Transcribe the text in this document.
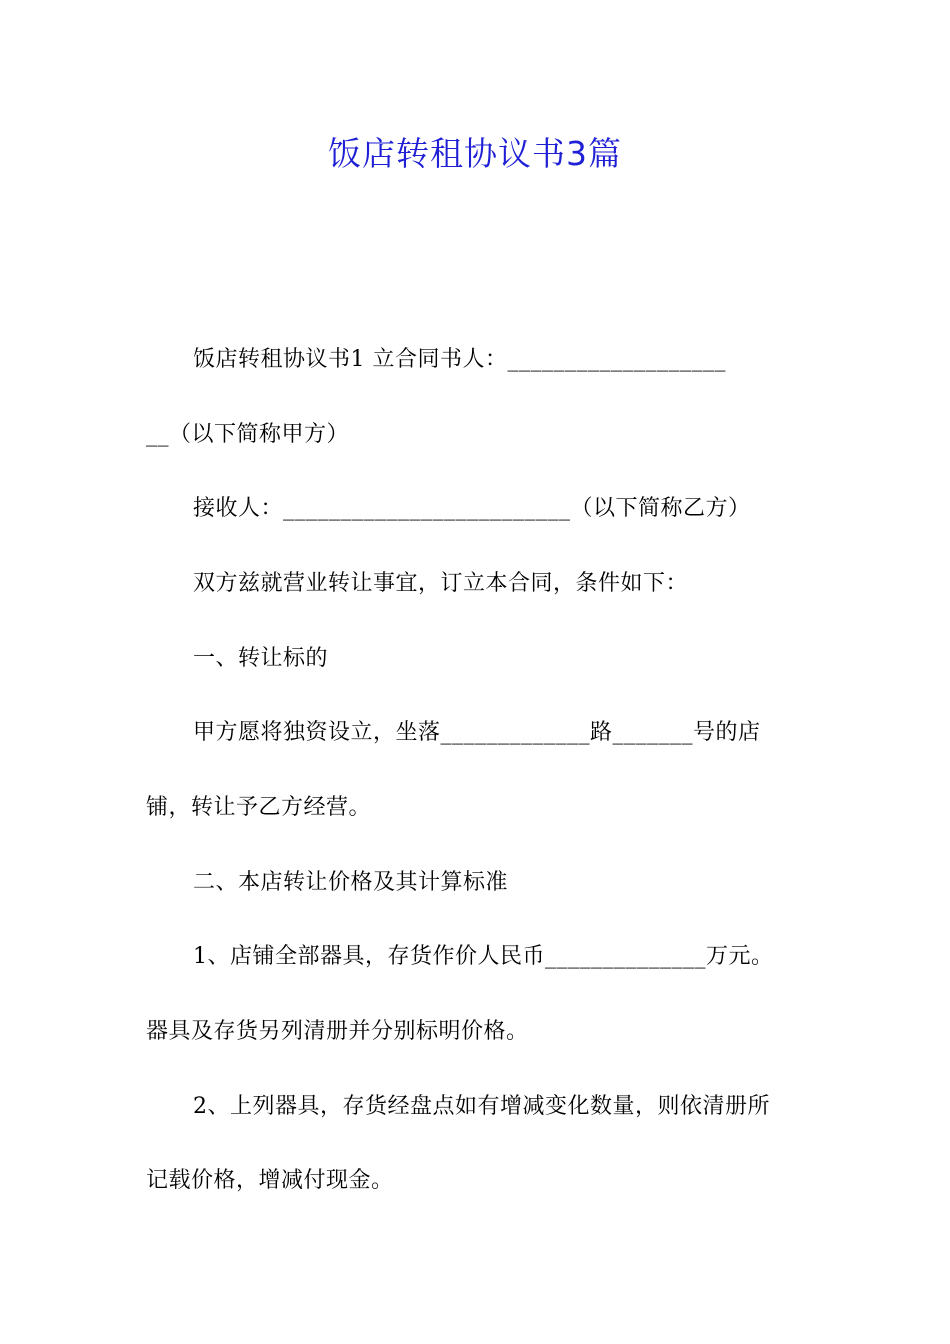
饭店转租协议书3篇
饭店转租协议书1 立合同书人：___________________
__（以下简称甲方）
接收人：_________________________（以下简称乙方）
双方兹就营业转让事宜，订立本合同，条件如下：
一、转让标的
甲方愿将独资设立，坐落_____________路_______号的店
铺，转让予乙方经营。
二、本店转让价格及其计算标准
1、店铺全部器具，存货作价人民币______________万元。
器具及存货另列清册并分别标明价格。
2、上列器具，存货经盘点如有增减变化数量，则依清册所
记载价格，增减付现金。
